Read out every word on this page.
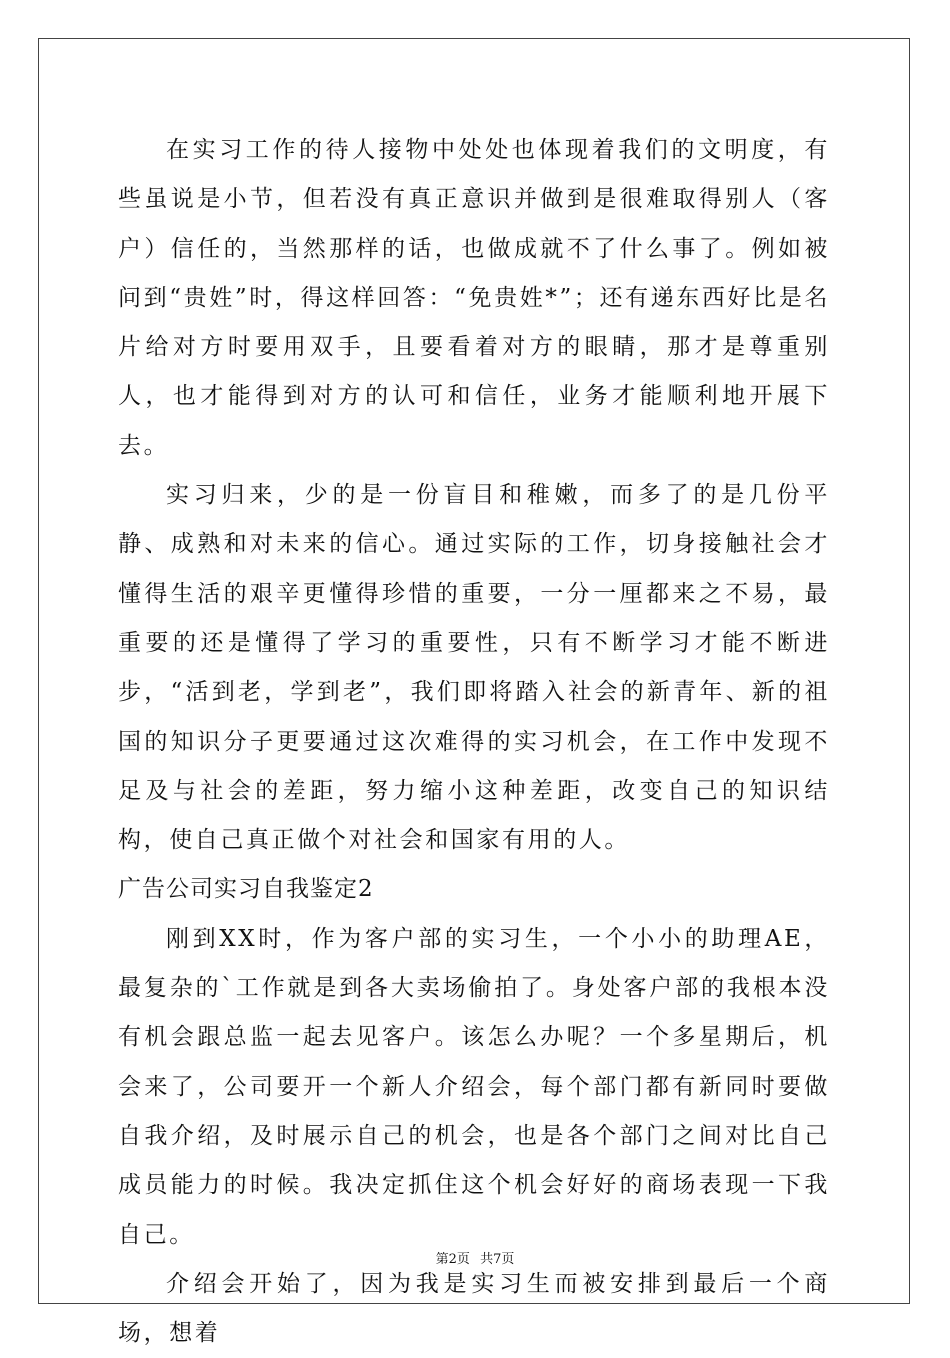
在实习工作的待人接物中处处也体现着我们的文明度，有些虽说是小节，但若没有真正意识并做到是很难取得别人（客户）信任的，当然那样的话，也做成就不了什么事了。例如被问到“贵姓”时，得这样回答：“免贵姓*”；还有递东西好比是名片给对方时要用双手，且要看着对方的眼睛，那才是尊重别人，也才能得到对方的认可和信任，业务才能顺利地开展下去。

实习归来，少的是一份盲目和稚嫩，而多了的是几份平静、成熟和对未来的信心。通过实际的工作，切身接触社会才懂得生活的艰辛更懂得珍惜的重要，一分一厘都来之不易，最重要的还是懂得了学习的重要性，只有不断学习才能不断进步，“活到老，学到老”，我们即将踏入社会的新青年、新的祖国的知识分子更要通过这次难得的实习机会，在工作中发现不足及与社会的差距，努力缩小这种差距，改变自己的知识结构，使自己真正做个对社会和国家有用的人。

广告公司实习自我鉴定2

刚到XX时，作为客户部的实习生，一个小小的助理AE，最复杂的`工作就是到各大卖场偷拍了。身处客户部的我根本没有机会跟总监一起去见客户。该怎么办呢？一个多星期后，机会来了，公司要开一个新人介绍会，每个部门都有新同时要做自我介绍，及时展示自己的机会，也是各个部门之间对比自己成员能力的时候。我决定抓住这个机会好好的商场表现一下我自己。

介绍会开始了，因为我是实习生而被安排到最后一个商场，想着

第2页 共7页
